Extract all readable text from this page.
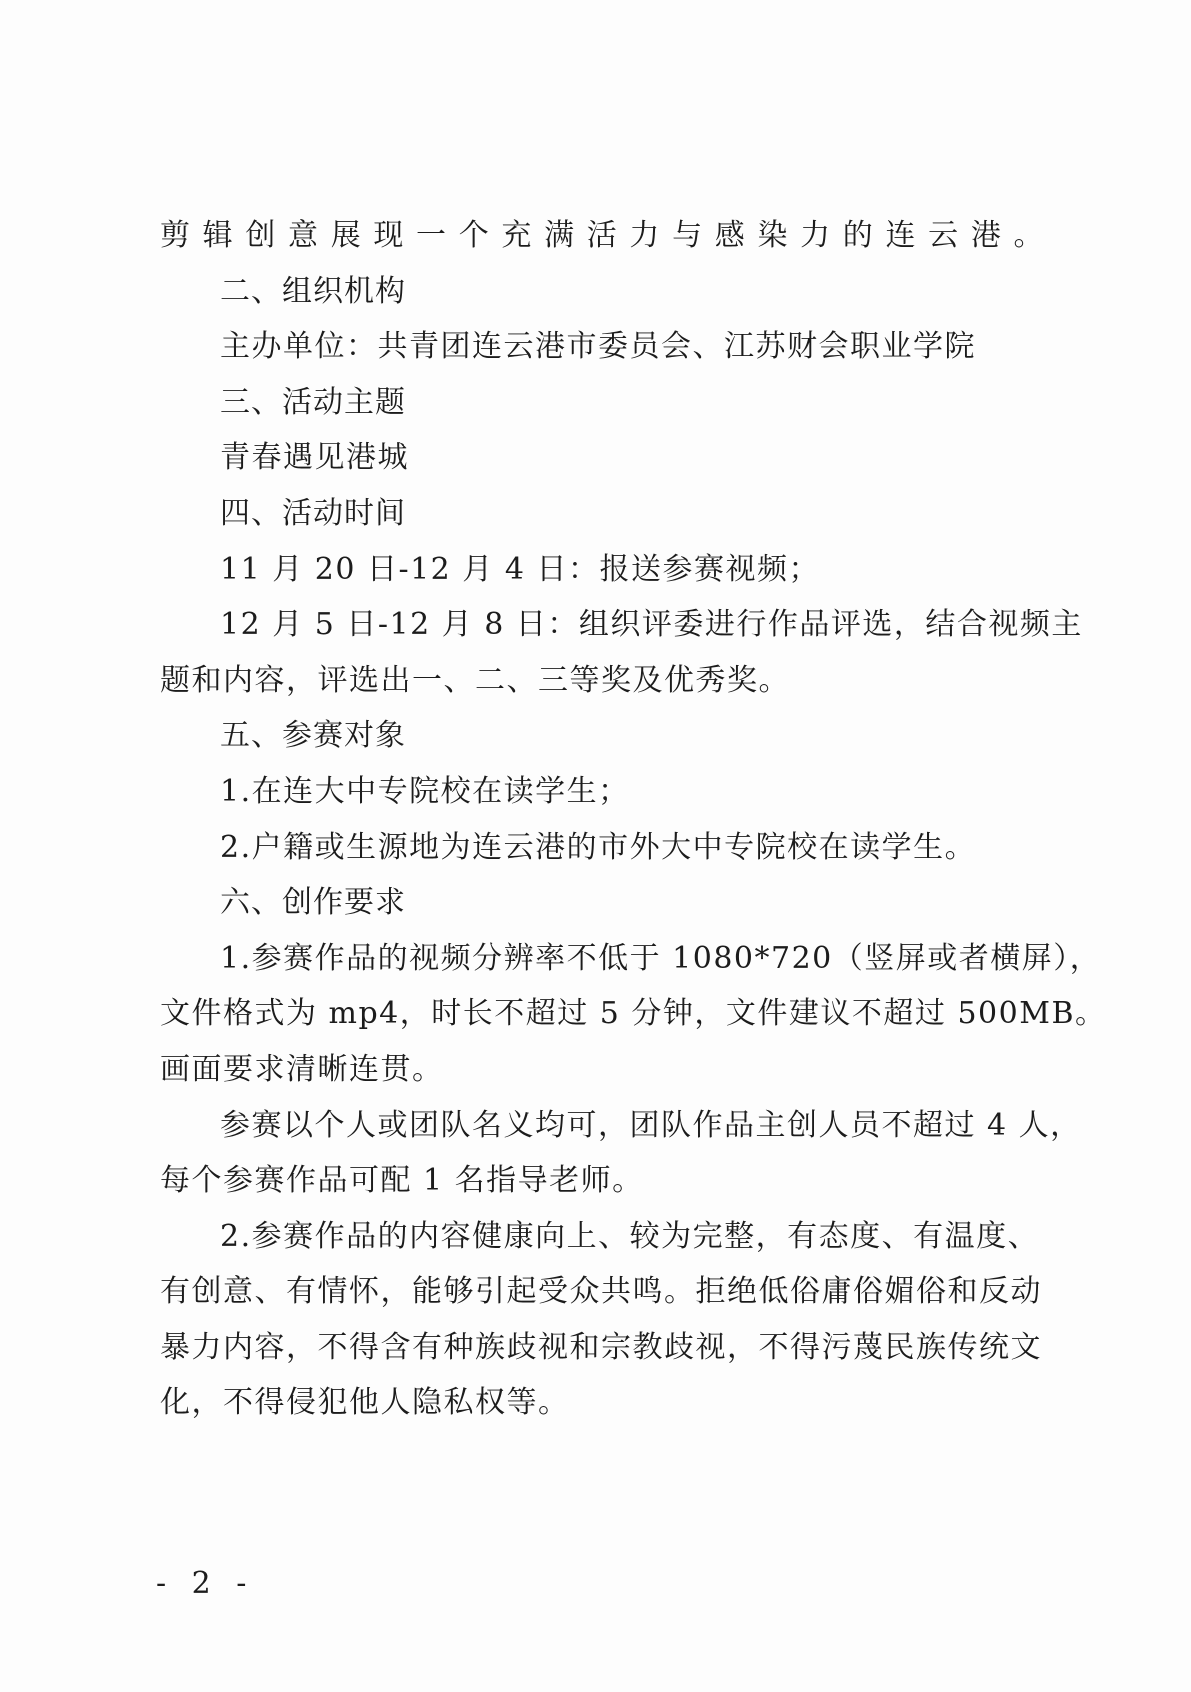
剪辑创意展现一个充满活力与感染力的连云港。
二、组织机构
主办单位：共青团连云港市委员会、江苏财会职业学院
三、活动主题
青春遇见港城
四、活动时间
11 月 20 日-12 月 4 日：报送参赛视频；
12 月 5 日-12 月 8 日：组织评委进行作品评选，结合视频主
题和内容，评选出一、二、三等奖及优秀奖。
五、参赛对象
1.在连大中专院校在读学生；
2.户籍或生源地为连云港的市外大中专院校在读学生。
六、创作要求
1.参赛作品的视频分辨率不低于 1080*720（竖屏或者横屏），
文件格式为 mp4，时长不超过 5 分钟，文件建议不超过 500MB。
画面要求清晰连贯。
参赛以个人或团队名义均可，团队作品主创人员不超过 4 人，
每个参赛作品可配 1 名指导老师。
2.参赛作品的内容健康向上、较为完整，有态度、有温度、
有创意、有情怀，能够引起受众共鸣。拒绝低俗庸俗媚俗和反动
暴力内容，不得含有种族歧视和宗教歧视，不得污蔑民族传统文
化，不得侵犯他人隐私权等。
- 2 -
